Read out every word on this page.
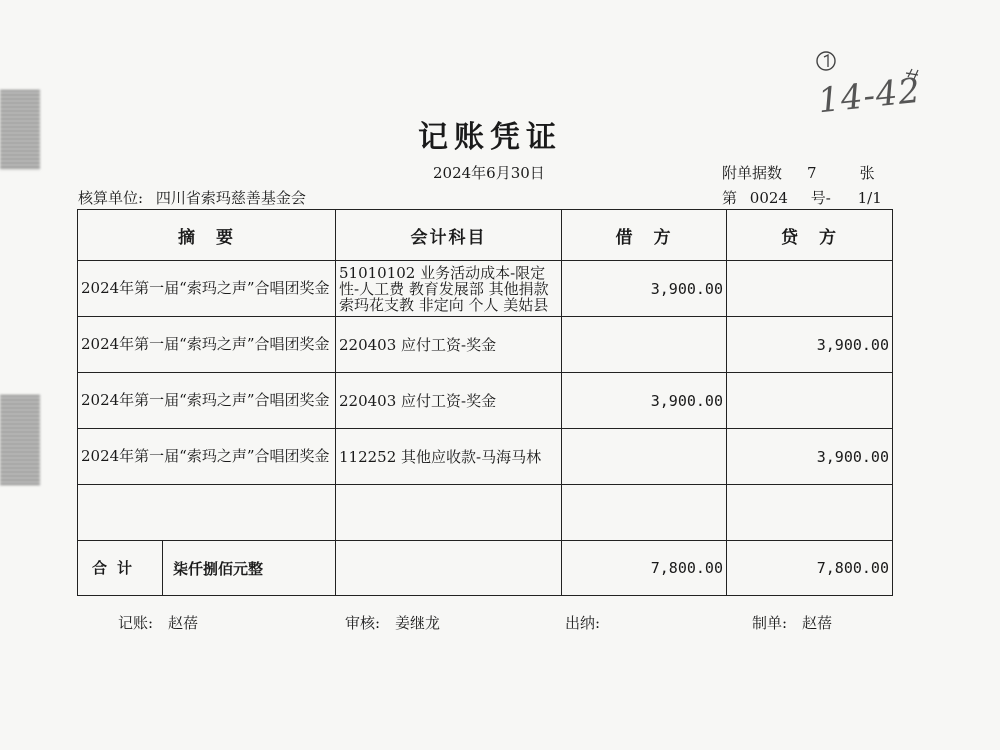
14-42
记账凭证
2024年6月30日	附单据数 7	张
核算单位: 四川省索玛慈善基金会	第 0024 号- 1/1
摘　要	会计科目	借　方	贷　方
2024年第一届“索玛之声”合唱团奖金	51010102 业务活动成本-限定性-人工费 教育发展部 其他捐款 索玛花支教 非定向 个人 美姑县	3,900.00	
2024年第一届“索玛之声”合唱团奖金	220403 应付工资-奖金		3,900.00
2024年第一届“索玛之声”合唱团奖金	220403 应付工资-奖金	3,900.00	
2024年第一届“索玛之声”合唱团奖金	112252 其他应收款-马海马林		3,900.00

合计 柒仟捌佰元整		7,800.00	7,800.00
记账:　赵蓓	审核:　姜继龙	出纳:	制单:　赵蓓
